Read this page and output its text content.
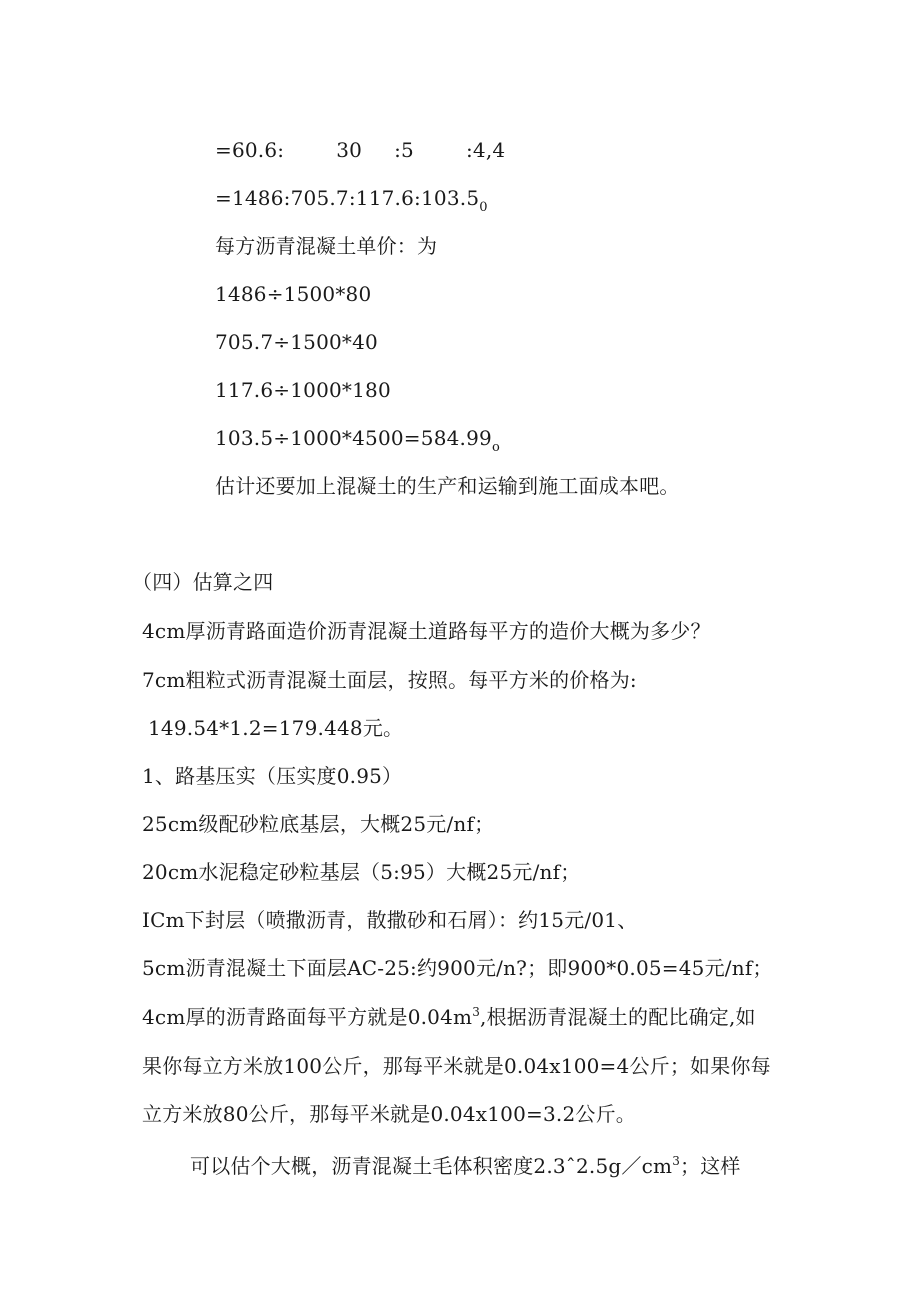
=60.6:	30 :5	:4,4
$=1486:705.7:117.6:103.5_0$
每方沥青混凝土单价：为
1486÷1500*80
705.7÷1500*40
117.6÷1000*180
$103.5\div 1000*4500=584.99_o$
估计还要加上混凝土的生产和运输到施工面成本吧。
（四）估算之四
4cm厚沥青路面造价沥青混凝土道路每平方的造价大概为多少？
7cm粗粒式沥青混凝土面层，按照。每平方米的价格为:
149.54*1.2=179.448元。
1、路基压实（压实度0.95）
25cm级配砂粒底基层，大概25元/nf；
20cm水泥稳定砂粒基层（5:95）大概25元/nf；
ICm下封层（喷撒沥青，散撒砂和石屑）：约15元/01、
5cm沥青混凝土下面层AC-25:约900元/n?；即900*0.05=45元/nf；
4cm厚的沥青路面每平方就是$0.04m^3$,根据沥青混凝土的配比确定,如
果你每立方米放100公斤，那每平米就是0.04x100=4公斤；如果你每
立方米放80公斤，那每平米就是0.04x100=3.2公斤。
可以估个大概，沥青混凝土毛体积密度$2.3ˆ2.5g/cm^3$；这样
